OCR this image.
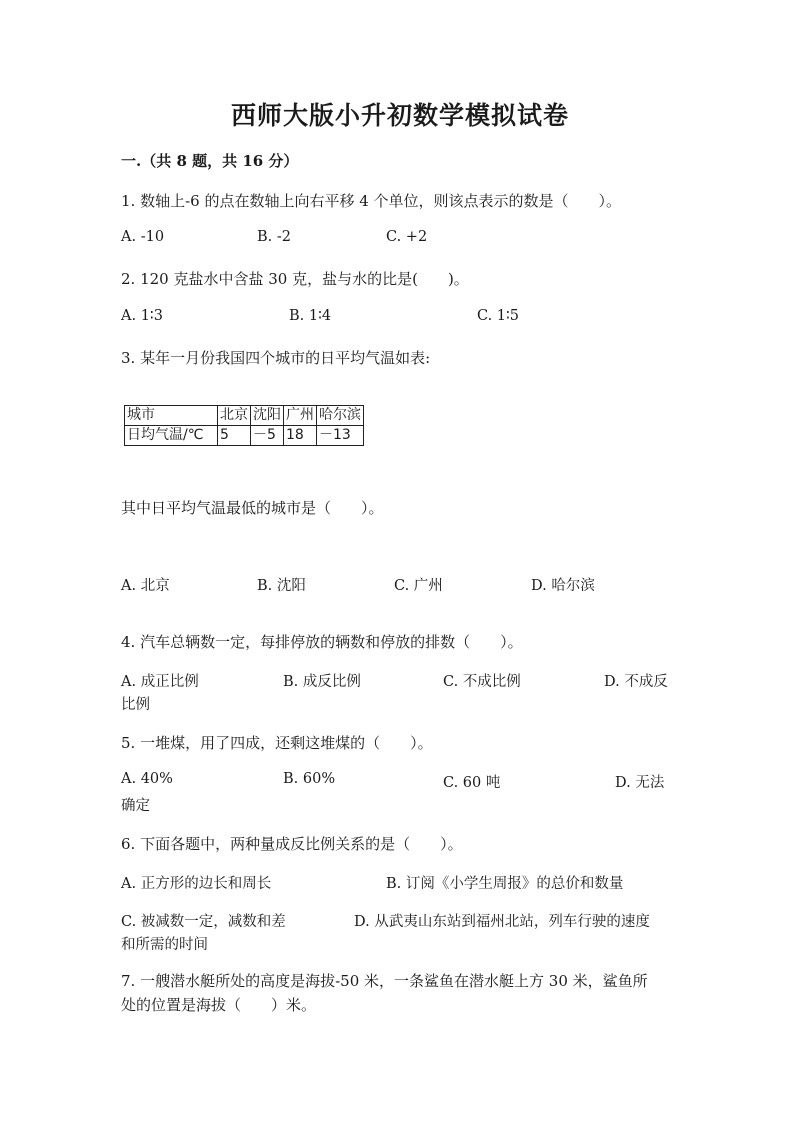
西师大版小升初数学模拟试卷
一.（共 8 题，共 16 分）
1. 数轴上-6 的点在数轴上向右平移 4 个单位，则该点表示的数是（　　）。
A. -10	B. -2	C. +2
2. 120 克盐水中含盐 30 克，盐与水的比是(　　)。
A. 1∶3	B. 1∶4	C. 1∶5
3. 某年一月份我国四个城市的日平均气温如表:
城市	北京	沈阳	广州	哈尔滨
日均气温/℃	5	－5	18	－13
其中日平均气温最低的城市是（　　）。
A. 北京	B. 沈阳	C. 广州	D. 哈尔滨
4. 汽车总辆数一定，每排停放的辆数和停放的排数（　　）。
A. 成正比例	B. 成反比例	C. 不成比例	D. 不成反
比例
5. 一堆煤，用了四成，还剩这堆煤的（　　）。
A. 40%	B. 60%	C. 60 吨	D. 无法
确定
6. 下面各题中，两种量成反比例关系的是（　　）。
A. 正方形的边长和周长	B. 订阅《小学生周报》的总价和数量
C. 被减数一定，减数和差	D. 从武夷山东站到福州北站，列车行驶的速度
和所需的时间
7. 一艘潜水艇所处的高度是海拔-50 米，一条鲨鱼在潜水艇上方 30 米，鲨鱼所
处的位置是海拔（　　）米。
